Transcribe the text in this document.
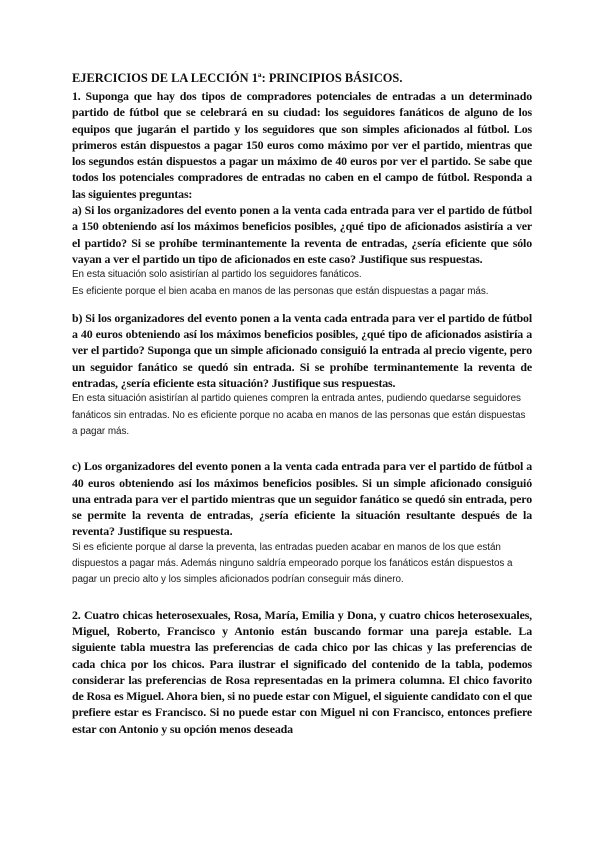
EJERCICIOS DE LA LECCIÓN 1ª: PRINCIPIOS BÁSICOS.

1. Suponga que hay dos tipos de compradores potenciales de entradas a un determinado partido de fútbol que se celebrará en su ciudad: los seguidores fanáticos de alguno de los equipos que jugarán el partido y los seguidores que son simples aficionados al fútbol. Los primeros están dispuestos a pagar 150 euros como máximo por ver el partido, mientras que los segundos están dispuestos a pagar un máximo de 40 euros por ver el partido. Se sabe que todos los potenciales compradores de entradas no caben en el campo de fútbol. Responda a las siguientes preguntas:

a) Si los organizadores del evento ponen a la venta cada entrada para ver el partido de fútbol a 150 obteniendo así los máximos beneficios posibles, ¿qué tipo de aficionados asistiría a ver el partido? Si se prohíbe terminantemente la reventa de entradas, ¿sería eficiente que sólo vayan a ver el partido un tipo de aficionados en este caso? Justifique sus respuestas.

En esta situación solo asistirían al partido los seguidores fanáticos.

Es eficiente porque el bien acaba en manos de las personas que están dispuestas a pagar más.

b) Si los organizadores del evento ponen a la venta cada entrada para ver el partido de fútbol a 40 euros obteniendo así los máximos beneficios posibles, ¿qué tipo de aficionados asistiría a ver el partido? Suponga que un simple aficionado consiguió la entrada al precio vigente, pero un seguidor fanático se quedó sin entrada. Si se prohíbe terminantemente la reventa de entradas, ¿sería eficiente esta situación? Justifique sus respuestas.

En esta situación asistirían al partido quienes compren la entrada antes, pudiendo quedarse seguidores fanáticos sin entradas. No es eficiente porque no acaba en manos de las personas que están dispuestas a pagar más.

c) Los organizadores del evento ponen a la venta cada entrada para ver el partido de fútbol a 40 euros obteniendo así los máximos beneficios posibles. Si un simple aficionado consiguió una entrada para ver el partido mientras que un seguidor fanático se quedó sin entrada, pero se permite la reventa de entradas, ¿sería eficiente la situación resultante después de la reventa? Justifique su respuesta.

Si es eficiente porque al darse la preventa, las entradas pueden acabar en manos de los que están dispuestos a pagar más. Además ninguno saldría empeorado porque los fanáticos están dispuestos a pagar un precio alto y los simples aficionados podrían conseguir más dinero.

2. Cuatro chicas heterosexuales, Rosa, María, Emilia y Dona, y cuatro chicos heterosexuales, Miguel, Roberto, Francisco y Antonio están buscando formar una pareja estable. La siguiente tabla muestra las preferencias de cada chico por las chicas y las preferencias de cada chica por los chicos. Para ilustrar el significado del contenido de la tabla, podemos considerar las preferencias de Rosa representadas en la primera columna. El chico favorito de Rosa es Miguel. Ahora bien, si no puede estar con Miguel, el siguiente candidato con el que prefiere estar es Francisco. Si no puede estar con Miguel ni con Francisco, entonces prefiere estar con Antonio y su opción menos deseada
